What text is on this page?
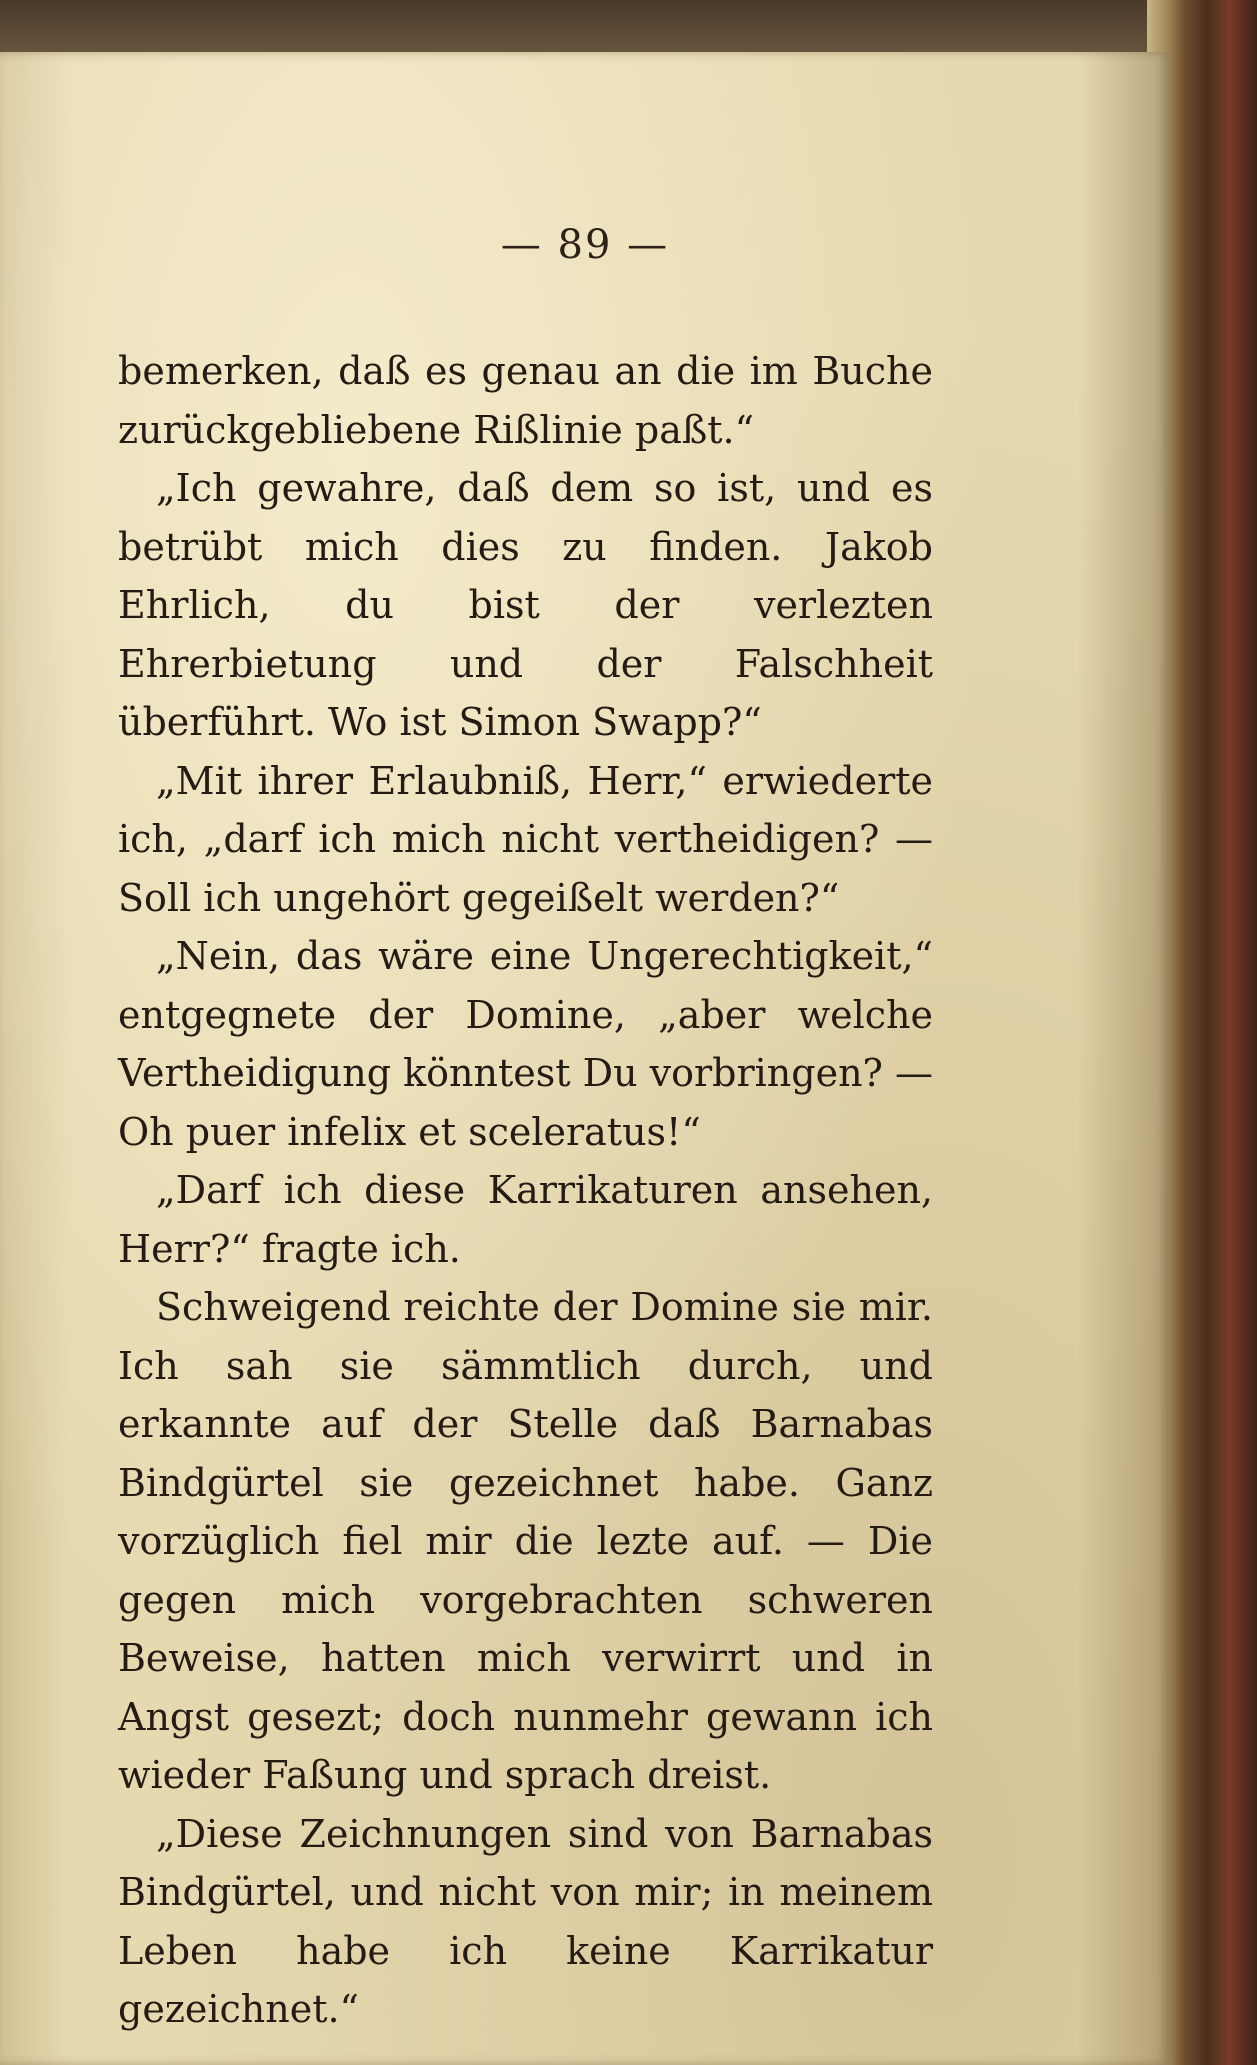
— 89 —

bemerken, daß es genau an die im Buche zurückgebliebene Rißlinie paßt.“

„Ich gewahre, daß dem so ist, und es betrübt mich dies zu finden. Jakob Ehrlich, du bist der verlezten Ehrerbietung und der Falschheit überführt. Wo ist Simon Swapp?“

„Mit ihrer Erlaubniß, Herr,“ erwiederte ich, „darf ich mich nicht vertheidigen? — Soll ich ungehört gegeißelt werden?“

„Nein, das wäre eine Ungerechtigkeit,“ entgegnete der Domine, „aber welche Vertheidigung könntest Du vorbringen? — Oh puer infelix et sceleratus!“

„Darf ich diese Karrikaturen ansehen, Herr?“ fragte ich.

Schweigend reichte der Domine sie mir. Ich sah sie sämmtlich durch, und erkannte auf der Stelle daß Barnabas Bindgürtel sie gezeichnet habe. Ganz vorzüglich fiel mir die lezte auf. — Die gegen mich vorgebrachten schweren Beweise, hatten mich verwirrt und in Angst gesezt; doch nunmehr gewann ich wieder Faßung und sprach dreist.

„Diese Zeichnungen sind von Barnabas Bindgürtel, und nicht von mir; in meinem Leben habe ich keine Karrikatur gezeichnet.“
